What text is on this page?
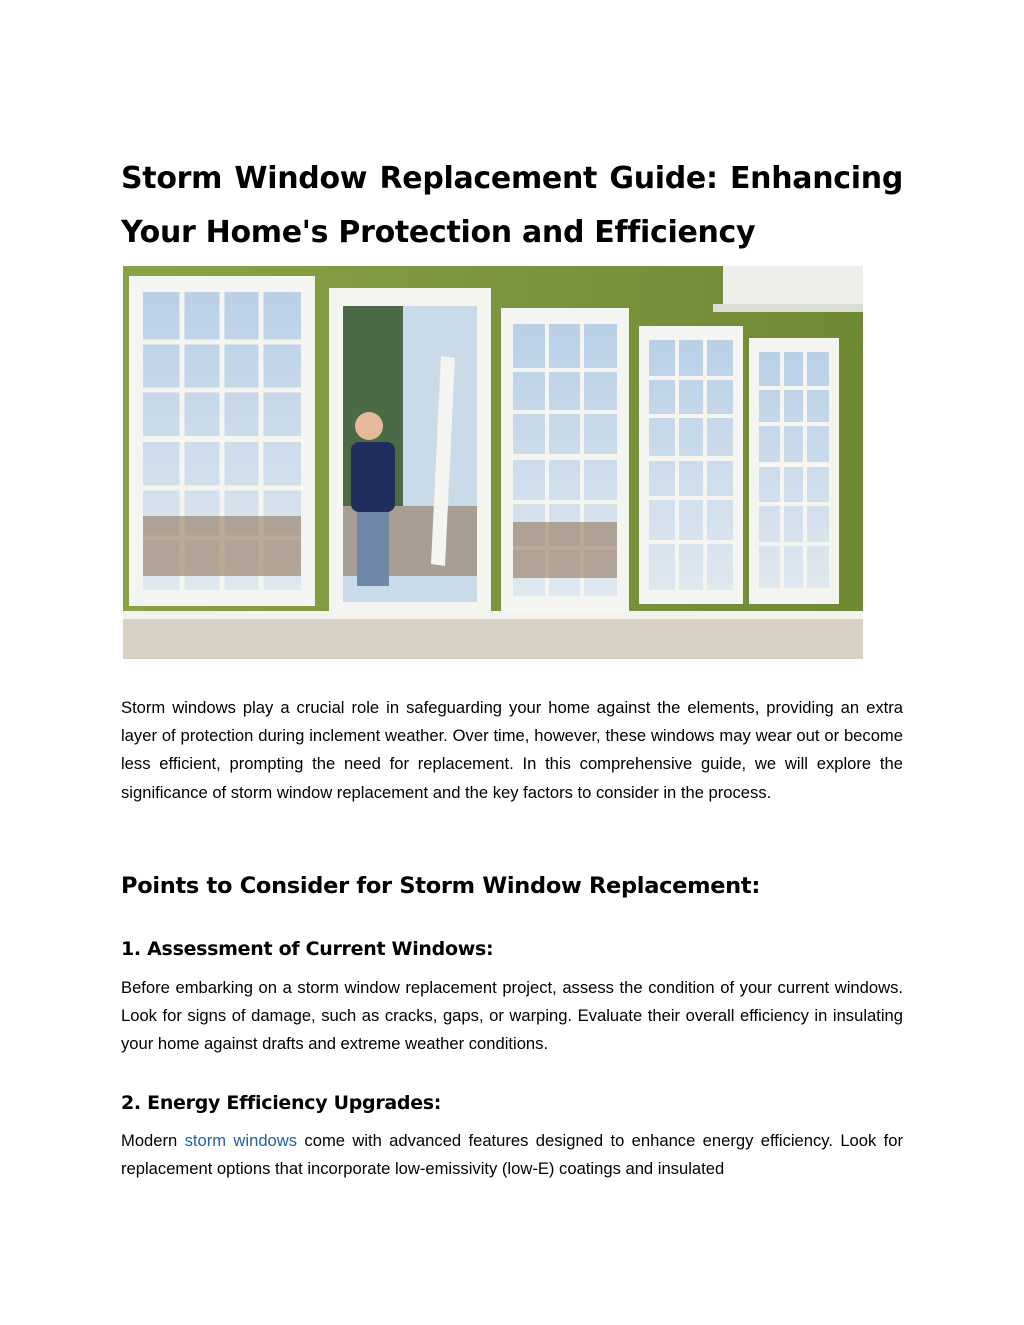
Storm Window Replacement Guide: Enhancing Your Home's Protection and Efficiency

Storm windows play a crucial role in safeguarding your home against the elements, providing an extra layer of protection during inclement weather. Over time, however, these windows may wear out or become less efficient, prompting the need for replacement. In this comprehensive guide, we will explore the significance of storm window replacement and the key factors to consider in the process.

Points to Consider for Storm Window Replacement:
1. Assessment of Current Windows:

Before embarking on a storm window replacement project, assess the condition of your current windows. Look for signs of damage, such as cracks, gaps, or warping. Evaluate their overall efficiency in insulating your home against drafts and extreme weather conditions.

2. Energy Efficiency Upgrades:

Modern storm windows come with advanced features designed to enhance energy efficiency. Look for replacement options that incorporate low-emissivity (low-E) coatings and insulated
